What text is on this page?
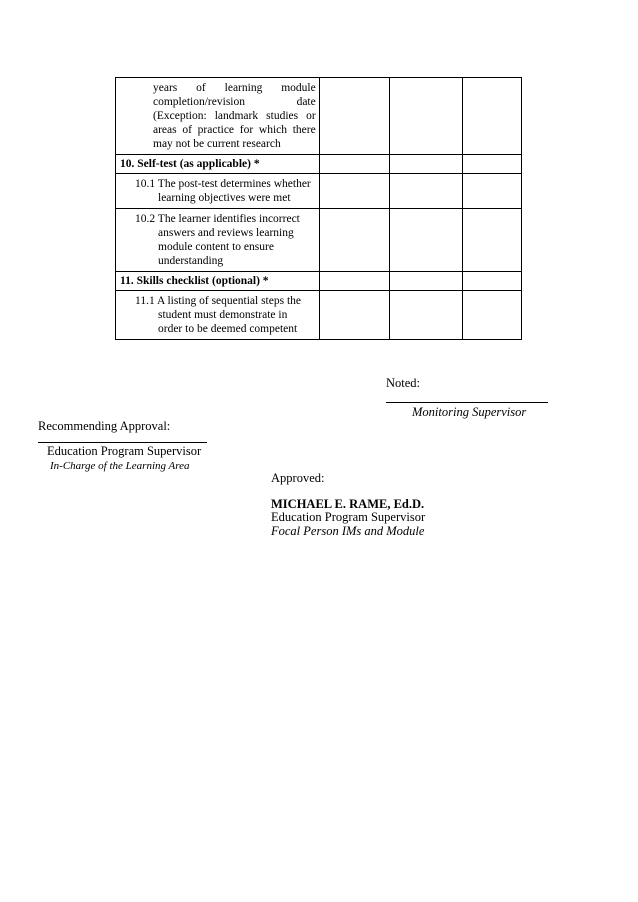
years of learning module
completion/revision date
(Exception: landmark studies or
areas of practice for which there
may not be current research			

10. Self-test (as applicable) *			

10.1 The post-test determines whether
learning objectives were met			

10.2 The learner identifies incorrect
answers and reviews learning
module content to ensure
understanding			

11. Skills checklist (optional) *			

11.1 A listing of sequential steps the
student must demonstrate in
order to be deemed competent			

Noted:
Monitoring Supervisor
Recommending Approval:
Education Program Supervisor
In-Charge of the Learning Area
Approved:
MICHAEL E. RAME, Ed.D.
Education Program Supervisor
Focal Person IMs and Module
